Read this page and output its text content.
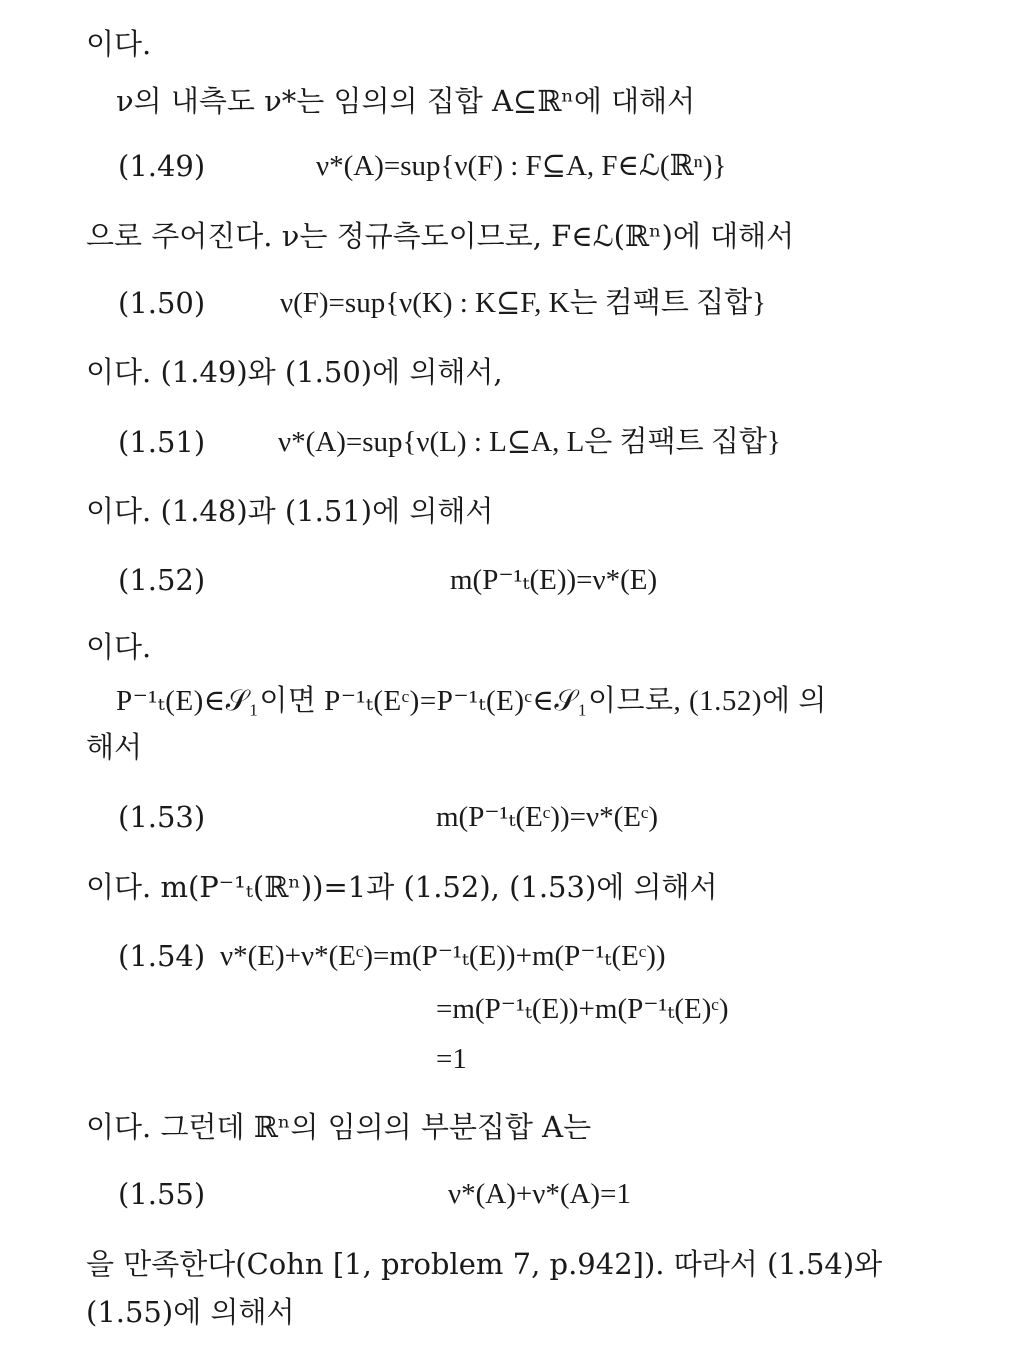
이다.
ν의 내측도 ν*는 임의의 집합 A⊆ℝⁿ에 대해서
(1.49)	ν*(A)=sup{ν(F) : F⊆A, F∈ℒ(ℝⁿ)}
으로 주어진다. ν는 정규측도이므로, F∈ℒ(ℝⁿ)에 대해서
(1.50)	ν(F)=sup{ν(K) : K⊆F, K는 컴팩트 집합}
이다. (1.49)와 (1.50)에 의해서,
(1.51)	ν*(A)=sup{ν(L) : L⊆A, L은 컴팩트 집합}
이다. (1.48)과 (1.51)에 의해서
(1.52)	m(P⁻¹ₜ(E))=ν*(E)
이다.
P⁻¹ₜ(E)∈𝒮₁이면 P⁻¹ₜ(Eᶜ)=P⁻¹ₜ(E)ᶜ∈𝒮₁이므로, (1.52)에 의
해서
(1.53)	m(P⁻¹ₜ(Eᶜ))=ν*(Eᶜ)
이다. m(P⁻¹ₜ(ℝⁿ))=1과 (1.52), (1.53)에 의해서
(1.54) ν*(E)+ν*(Eᶜ)=m(P⁻¹ₜ(E))+m(P⁻¹ₜ(Eᶜ))
=m(P⁻¹ₜ(E))+m(P⁻¹ₜ(E)ᶜ)
=1
이다. 그런데 ℝⁿ의 임의의 부분집합 A는
(1.55)	ν*(A)+ν*(A)=1
을 만족한다(Cohn [1, problem 7, p.942]). 따라서 (1.54)와
(1.55)에 의해서
